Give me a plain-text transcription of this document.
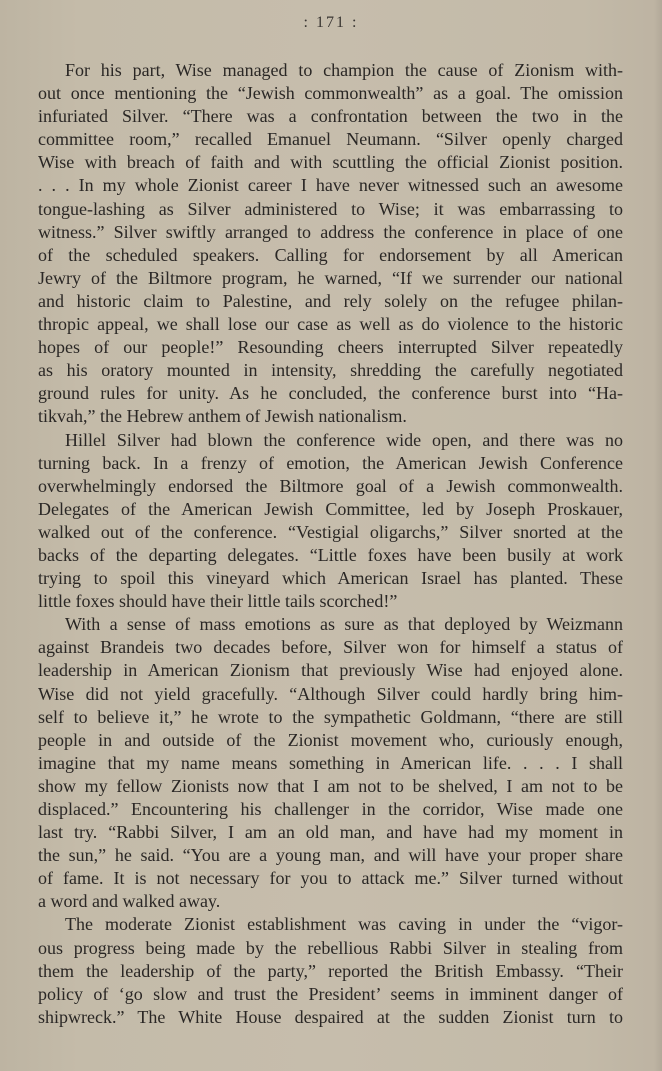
: 171 :
For his part, Wise managed to champion the cause of Zionism with-
out once mentioning the “Jewish commonwealth” as a goal. The omission
infuriated Silver. “There was a confrontation between the two in the
committee room,” recalled Emanuel Neumann. “Silver openly charged
Wise with breach of faith and with scuttling the official Zionist position.
. . . In my whole Zionist career I have never witnessed such an awesome
tongue-lashing as Silver administered to Wise; it was embarrassing to
witness.” Silver swiftly arranged to address the conference in place of one
of the scheduled speakers. Calling for endorsement by all American
Jewry of the Biltmore program, he warned, “If we surrender our national
and historic claim to Palestine, and rely solely on the refugee philan-
thropic appeal, we shall lose our case as well as do violence to the historic
hopes of our people!” Resounding cheers interrupted Silver repeatedly
as his oratory mounted in intensity, shredding the carefully negotiated
ground rules for unity. As he concluded, the conference burst into “Ha-
tikvah,” the Hebrew anthem of Jewish nationalism.
Hillel Silver had blown the conference wide open, and there was no
turning back. In a frenzy of emotion, the American Jewish Conference
overwhelmingly endorsed the Biltmore goal of a Jewish commonwealth.
Delegates of the American Jewish Committee, led by Joseph Proskauer,
walked out of the conference. “Vestigial oligarchs,” Silver snorted at the
backs of the departing delegates. “Little foxes have been busily at work
trying to spoil this vineyard which American Israel has planted. These
little foxes should have their little tails scorched!”
With a sense of mass emotions as sure as that deployed by Weizmann
against Brandeis two decades before, Silver won for himself a status of
leadership in American Zionism that previously Wise had enjoyed alone.
Wise did not yield gracefully. “Although Silver could hardly bring him-
self to believe it,” he wrote to the sympathetic Goldmann, “there are still
people in and outside of the Zionist movement who, curiously enough,
imagine that my name means something in American life. . . . I shall
show my fellow Zionists now that I am not to be shelved, I am not to be
displaced.” Encountering his challenger in the corridor, Wise made one
last try. “Rabbi Silver, I am an old man, and have had my moment in
the sun,” he said. “You are a young man, and will have your proper share
of fame. It is not necessary for you to attack me.” Silver turned without
a word and walked away.
The moderate Zionist establishment was caving in under the “vigor-
ous progress being made by the rebellious Rabbi Silver in stealing from
them the leadership of the party,” reported the British Embassy. “Their
policy of ‘go slow and trust the President’ seems in imminent danger of
shipwreck.” The White House despaired at the sudden Zionist turn to
